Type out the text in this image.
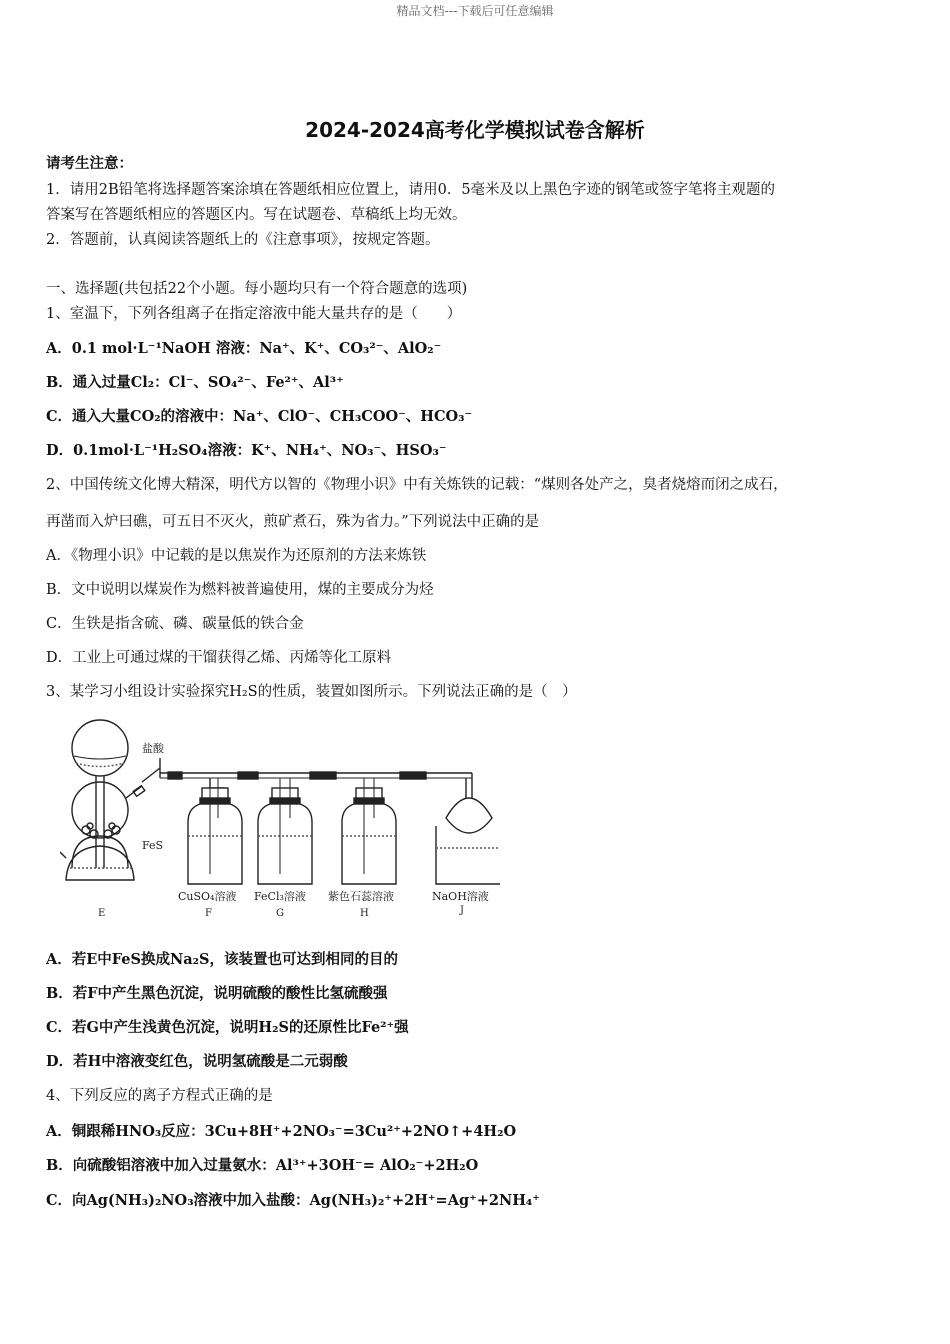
精品文档---下载后可任意编辑
2024-2024高考化学模拟试卷含解析
请考生注意：
1．请用2B铅笔将选择题答案涂填在答题纸相应位置上，请用0．5毫米及以上黑色字迹的钢笔或签字笔将主观题的
答案写在答题纸相应的答题区内。写在试题卷、草稿纸上均无效。
2．答题前，认真阅读答题纸上的《注意事项》，按规定答题。
一、选择题(共包括22个小题。每小题均只有一个符合题意的选项)
1、室温下，下列各组离子在指定溶液中能大量共存的是（　　）
A．0.1 mol·L⁻¹NaOH 溶液：Na⁺、K⁺、CO₃²⁻、AlO₂⁻
B．通入过量Cl₂：Cl⁻、SO₄²⁻、Fe²⁺、Al³⁺
C．通入大量CO₂的溶液中：Na⁺、ClO⁻、CH₃COO⁻、HCO₃⁻
D．0.1mol·L⁻¹H₂SO₄溶液：K⁺、NH₄⁺、NO₃⁻、HSO₃⁻
2、中国传统文化博大精深，明代方以智的《物理小识》中有关炼铁的记载：“煤则各处产之，臭者烧熔而闭之成石，
再凿而入炉曰礁，可五日不灭火，煎矿煮石，殊为省力。”下列说法中正确的是
A．《物理小识》中记载的是以焦炭作为还原剂的方法来炼铁
B．文中说明以煤炭作为燃料被普遍使用，煤的主要成分为烃
C．生铁是指含硫、磷、碳量低的铁合金
D．工业上可通过煤的干馏获得乙烯、丙烯等化工原料
3、某学习小组设计实验探究H₂S的性质，装置如图所示。下列说法正确的是（　）
盐酸
FeS
CuSO₄溶液 FeCl₃溶液 紫色石蕊溶液	NaOH溶液
E	F	G	H	J
A．若E中FeS换成Na₂S，该装置也可达到相同的目的
B．若F中产生黑色沉淀，说明硫酸的酸性比氢硫酸强
C．若G中产生浅黄色沉淀，说明H₂S的还原性比Fe²⁺强
D．若H中溶液变红色，说明氢硫酸是二元弱酸
4、下列反应的离子方程式正确的是
A．铜跟稀HNO₃反应：3Cu+8H⁺+2NO₃⁻=3Cu²⁺+2NO↑+4H₂O
B．向硫酸铝溶液中加入过量氨水：Al³⁺+3OH⁻= AlO₂⁻+2H₂O
C．向Ag(NH₃)₂NO₃溶液中加入盐酸：Ag(NH₃)₂⁺+2H⁺=Ag⁺+2NH₄⁺
